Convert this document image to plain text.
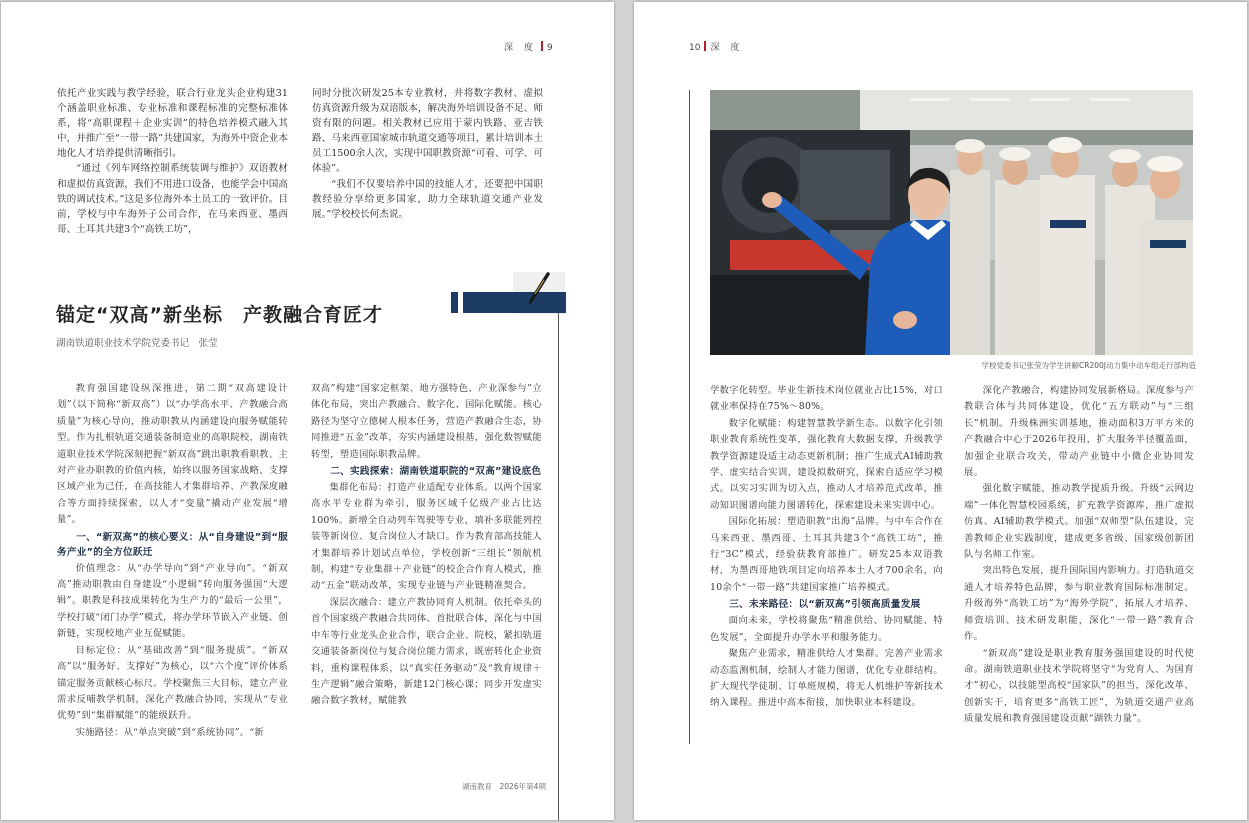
深 度 9

依托产业实践与教学经验，联合行业龙头企业构建31个涵盖职业标准、专业标准和课程标准的完整标准体系，将“高职课程＋企业实训”的特色培养模式融入其中，并推广至“一带一路”共建国家，为海外中资企业本地化人才培养提供清晰指引。

“通过《列车网络控制系统装调与维护》双语教材和虚拟仿真资源，我们不用进口设备，也能学会中国高铁的调试技术。”这是多位海外本土员工的一致评价。目前，学校与中车海外子公司合作，在马来西亚、墨西哥、土耳其共建3个“高铁工坊”，

同时分批次研发25本专业教材，并将数字教材、虚拟仿真资源升级为双语版本，解决海外培训设备不足、师资有限的问题。相关教材已应用于蒙内铁路、亚吉铁路、马来西亚国家城市轨道交通等项目，累计培训本土员工1500余人次，实现中国职教资源“可看、可学、可体验”。

“我们不仅要培养中国的技能人才，还要把中国职教经验分享给更多国家，助力全球轨道交通产业发展。”学校校长何杰说。

锚定“双高”新坐标　产教融合育匠才
湖南铁道职业技术学院党委书记　张莹

教育强国建设纵深推进，第二期“双高建设计划”（以下简称“新双高”）以“办学高水平、产教融合高质量”为核心导向，推动职教从内涵建设向服务赋能转型。作为扎根轨道交通装备制造业的高职院校，湖南铁道职业技术学院深刻把握“新双高”跳出职教看职教、主对产业办职教的价值内核，始终以服务国家战略、支撑区域产业为己任，在高技能人才集群培养、产教深度融合等方面持续探索，以人才“变量”撬动产业发展“增量”。

一、“新双高”的核心要义：从“自身建设”到“服务产业”的全方位跃迁

价值理念：从“办学导向”到“产业导向”。“新双高”推动职教由自身建设“小逻辑”转向服务强国“大逻辑”。职教是科技成果转化为生产力的“最后一公里”，学校打破“闭门办学”模式，将办学环节嵌入产业链、创新链，实现校地产业互促赋能。

目标定位：从“基础改善”到“服务提质”。“新双高”以“服务好、支撑好”为核心，以“六个度”评价体系锚定服务贡献核心标尺。学校聚焦三大目标，建立产业需求反哺教学机制，深化产教融合协同，实现从“专业优势”到“集群赋能”的能级跃升。

实施路径：从“单点突破”到“系统协同”。“新

双高”构建“国家定框架、地方强特色、产业深参与”立体化布局，突出产教融合、数字化、国际化赋能。核心路径为坚守立德树人根本任务，营造产教融合生态，协同推进“五金”改革，夯实内涵建设根基，强化数智赋能转型，塑造国际职教品牌。

二、实践探索：湖南铁道职院的“双高”建设底色

集群化布局：打造产业适配专业体系。以两个国家高水平专业群为牵引，服务区域千亿级产业占比达100%。新增全自动列车驾驶等专业，填补多联能列控装等新岗位、复合岗位人才缺口。作为教育部高技能人才集群培养计划试点单位，学校创新“三组长”领航机制，构建“专业集群＋产业链”的校企合作育人模式，推动“五金”联动改革，实现专业链与产业链精准契合。

深层次融合：建立产教协同育人机制。依托牵头的首个国家级产教融合共同体、首批联合体，深化与中国中车等行业龙头企业合作，联合企业、院校，紧扣轨道交通装备新岗位与复合岗位能力需求，既密转化企业资料，重构课程体系，以“真实任务驱动”及“教育规律＋生产逻辑”融合策略，新建12门核心课；同步开发虚实融合数字教材，赋能教

湖南教育　2026年第4期
10 深 度
学校党委书记张莹为学生讲解CR200J动力集中动车组走行部构造

学数字化转型。毕业生新技术岗位就业占比15%，对口就业率保持在75%～80%。

数字化赋能：构建智慧教学新生态。以数字化引领职业教育系统性变革，强化教育大数据支撑，升级教学教学资源建设适主动态更新机制；推广生成式AI辅助教学、虚实结合实训，建设拟数研究，探索自适应学习模式。以实习实训为切入点，推动人才培养范式改革，推动知识图谱向能力图谱转化，探索建设未来实训中心。

国际化拓展：塑造职教“出海”品牌。与中车合作在马来西亚、墨西哥、土耳其共建3个“高铁工坊”，推行“3C”模式，经验获教育部推广。研发25本双语教材，为墨西哥地铁项目定向培养本土人才700余名，向10余个“一带一路”共建国家推广培养模式。

三、未来路径：以“新双高”引领高质量发展

面向未来，学校将聚焦“精准供给、协同赋能、特色发展”，全面提升办学水平和服务能力。

聚焦产业需求，精准供给人才集群。完善产业需求动态监测机制，绘制人才能力图谱，优化专业群结构。扩大现代学徒制、订单班规模，将无人机维护等新技术纳入课程。推进中高本衔接，加快职业本科建设。

深化产教融合，构建协同发展新格局。深度参与产教联合体与共同体建设，优化“五方联动”与“三组长”机制。升级株洲实训基地，推动面积3万平方米的产教融合中心于2026年投用，扩大服务半径覆盖面，加强企业联合攻关，带动产业链中小微企业协同发展。

强化数字赋能，推动教学提质升级。升级“云网边端”一体化智慧校园系统，扩充教学资源库，推广虚拟仿真、AI辅助教学模式。加强“双师型”队伍建设，完善教师企业实践制度，建成更多省级、国家级创新团队与名师工作室。

突出特色发展，提升国际国内影响力。打造轨道交通人才培养特色品牌，参与职业教育国际标准制定。升级海外“高铁工坊”为“海外学院”，拓展人才培养、师资培训、技术研发职能，深化“一带一路”教育合作。

“新双高”建设是职业教育服务强国建设的时代使命。湖南铁道职业技术学院将坚守“为党育人、为国育才”初心，以技能型高校“国家队”的担当，深化改革、创新实干，培育更多“高铁工匠”，为轨道交通产业高质量发展和教育强国建设贡献“湖铁力量”。
